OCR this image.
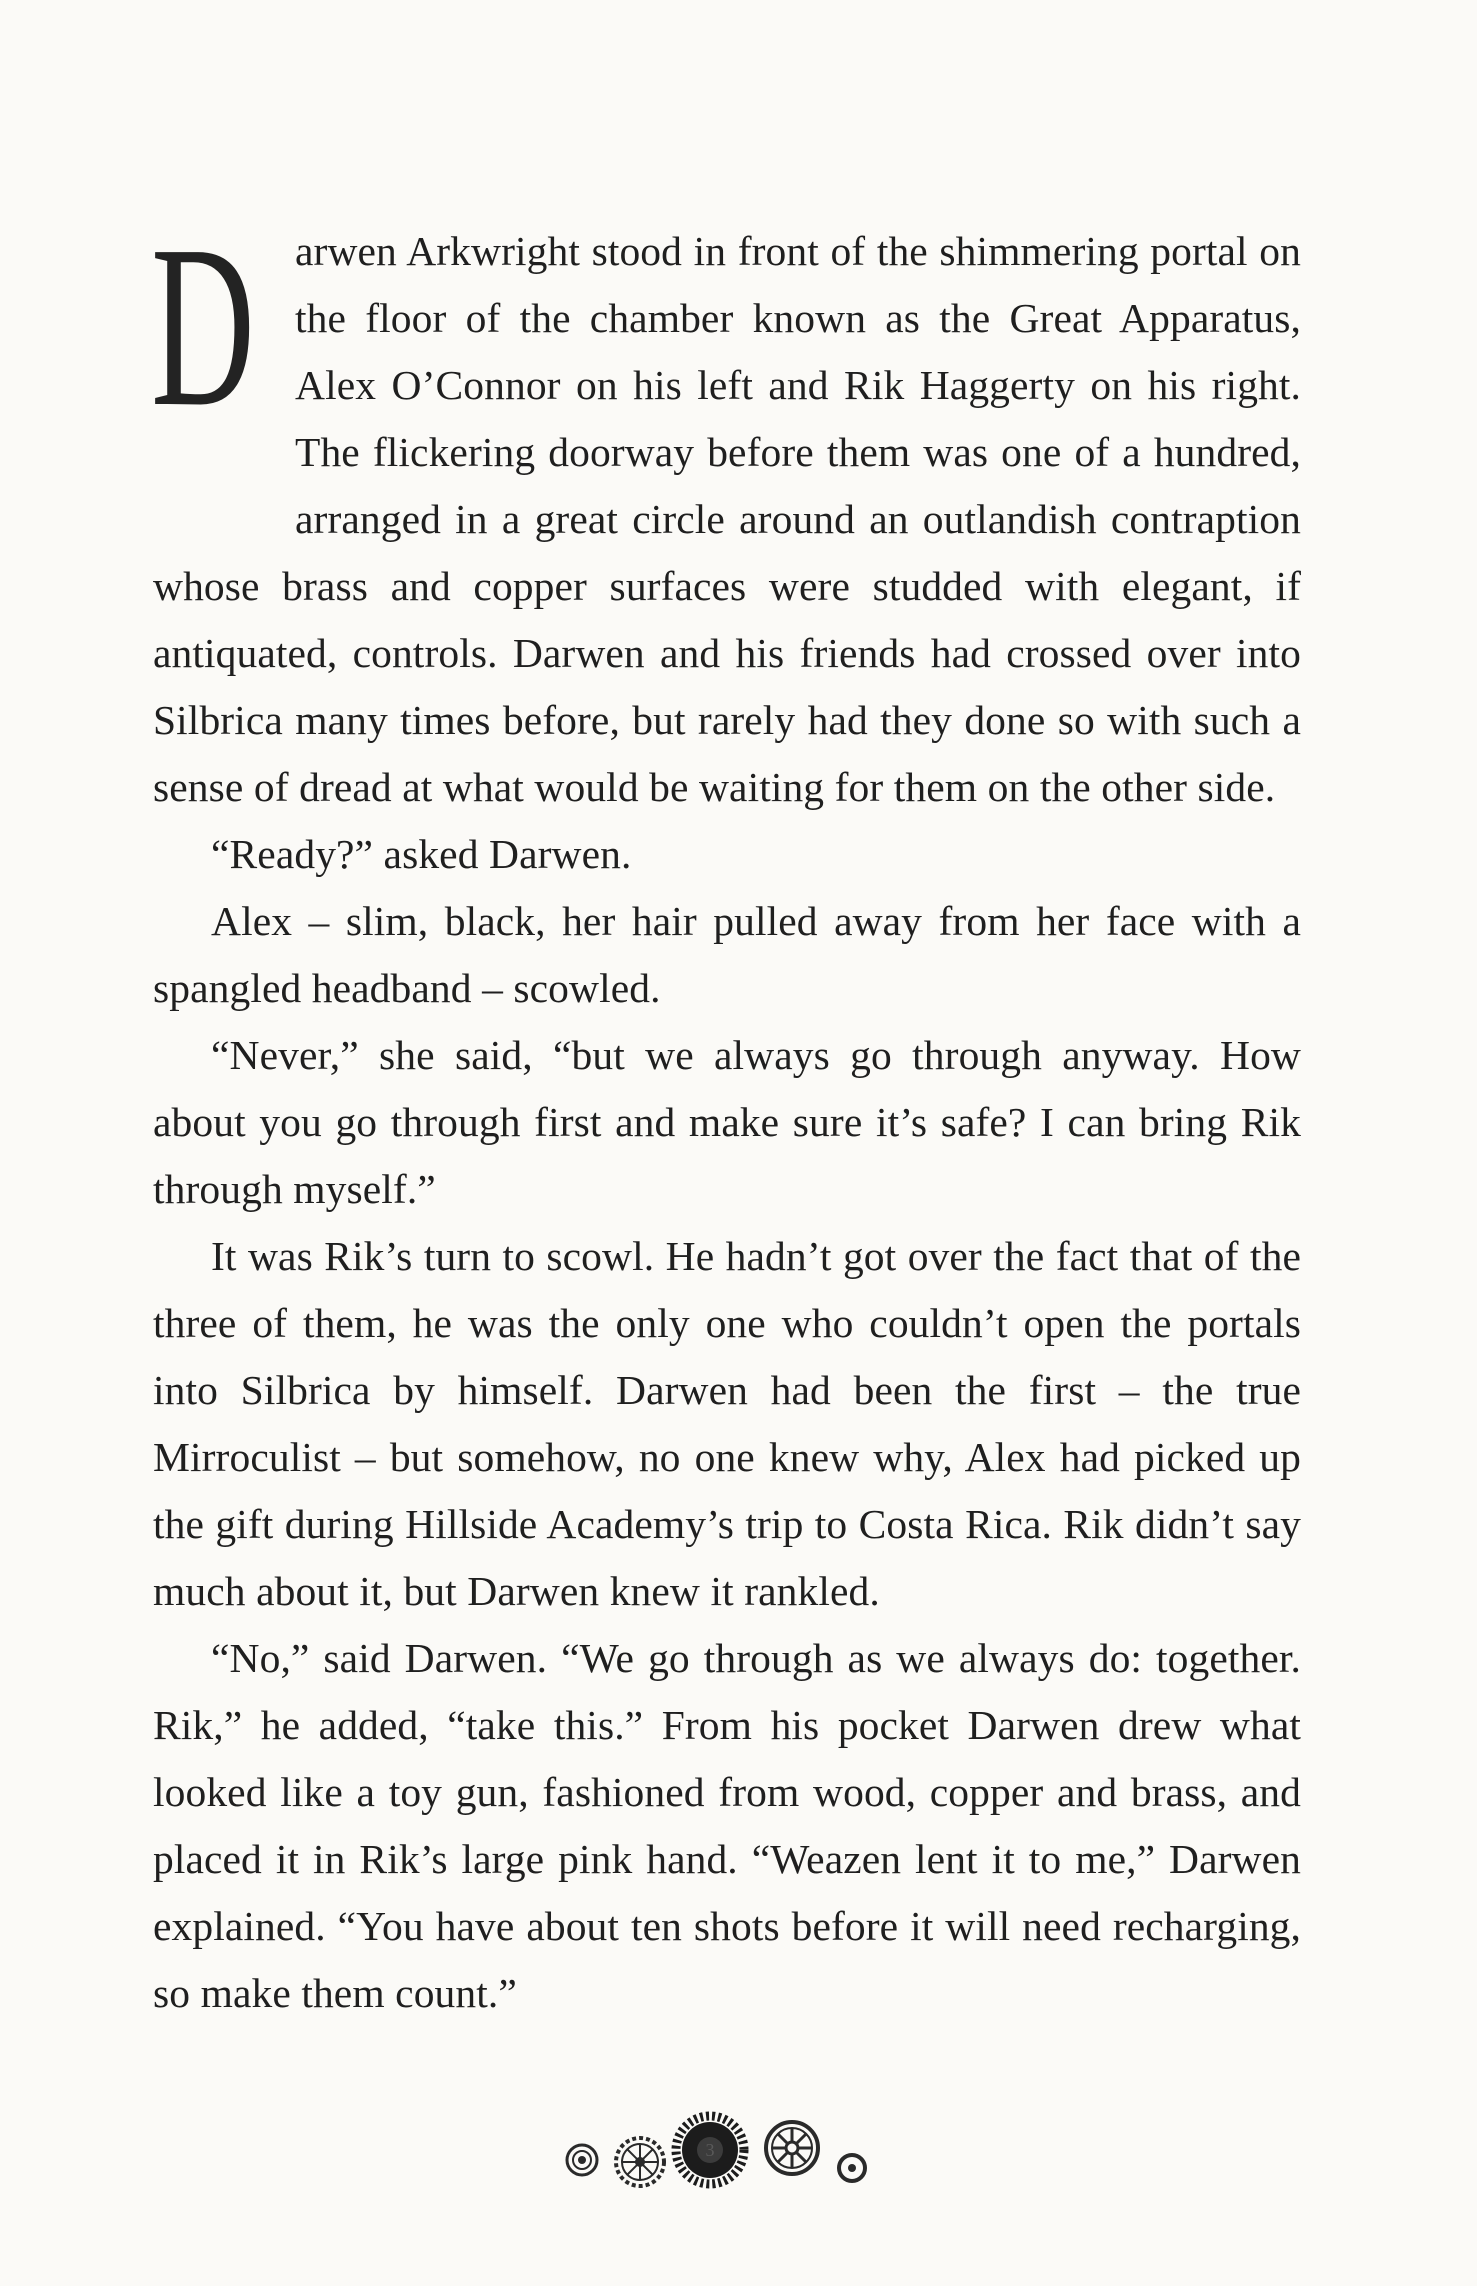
Darwen Arkwright stood in front of the shimmering portal on the floor of the chamber known as the Great Apparatus, Alex O’Connor on his left and Rik Haggerty on his right. The flickering doorway before them was one of a hundred, arranged in a great circle around an outlandish contraption whose brass and copper surfaces were studded with elegant, if antiquated, controls. Darwen and his friends had crossed over into Silbrica many times before, but rarely had they done so with such a sense of dread at what would be waiting for them on the other side.

“Ready?” asked Darwen.

Alex – slim, black, her hair pulled away from her face with a spangled headband – scowled.

“Never,” she said, “but we always go through anyway. How about you go through first and make sure it’s safe? I can bring Rik through myself.”

It was Rik’s turn to scowl. He hadn’t got over the fact that of the three of them, he was the only one who couldn’t open the portals into Silbrica by himself. Darwen had been the first – the true Mirroculist – but somehow, no one knew why, Alex had picked up the gift during Hillside Academy’s trip to Costa Rica. Rik didn’t say much about it, but Darwen knew it rankled.

“No,” said Darwen. “We go through as we always do: together. Rik,” he added, “take this.” From his pocket Darwen drew what looked like a toy gun, fashioned from wood, copper and brass, and placed it in Rik’s large pink hand. “Weazen lent it to me,” Darwen explained. “You have about ten shots before it will need recharging, so make them count.”

3
